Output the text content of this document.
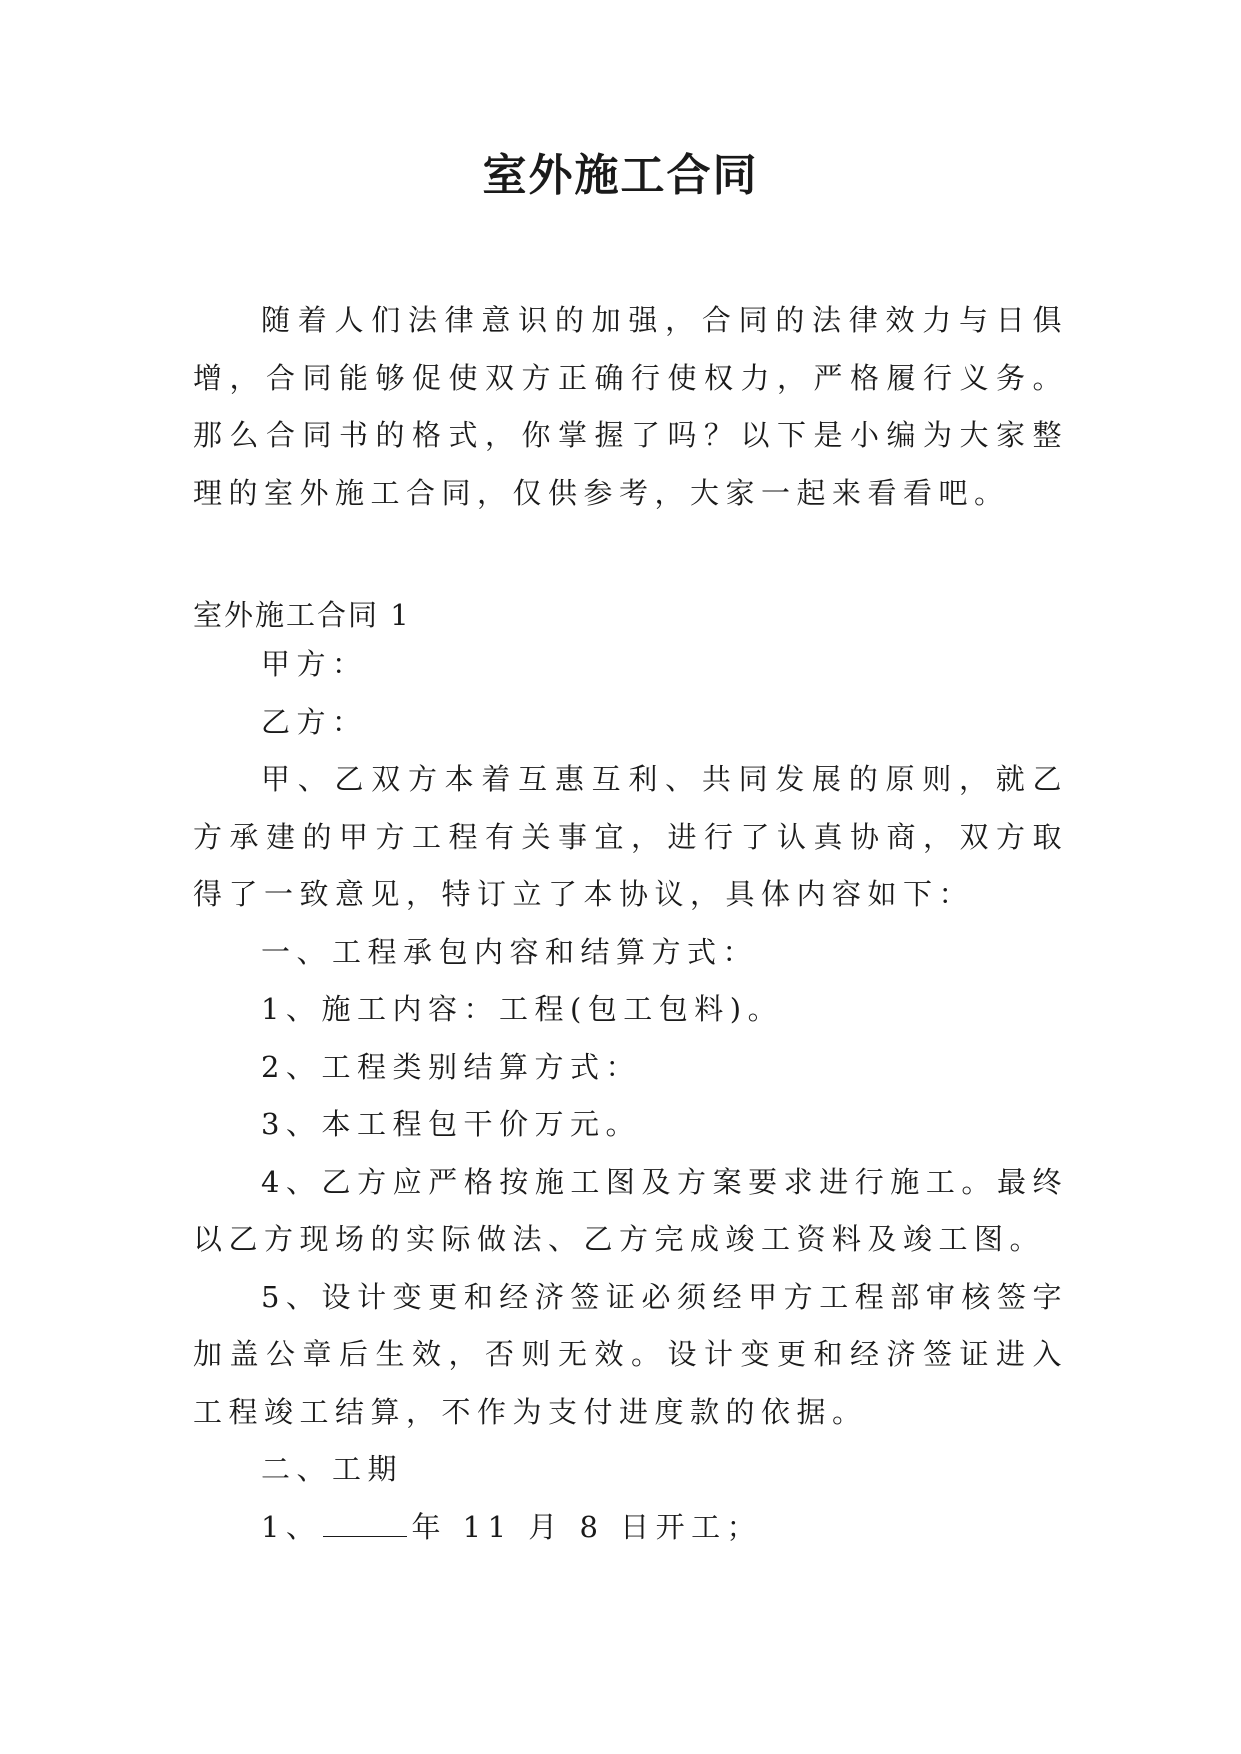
室外施工合同
随着人们法律意识的加强，合同的法律效力与日俱增，合同能够促使双方正确行使权力，严格履行义务。那么合同书的格式，你掌握了吗？以下是小编为大家整理的室外施工合同，仅供参考，大家一起来看看吧。
室外施工合同 1

甲方：

乙方：

甲、乙双方本着互惠互利、共同发展的原则，就乙方承建的甲方工程有关事宜，进行了认真协商，双方取得了一致意见，特订立了本协议，具体内容如下：

一、工程承包内容和结算方式：

1、施工内容：工程(包工包料)。

2、工程类别结算方式：

3、本工程包干价万元。

4、乙方应严格按施工图及方案要求进行施工。最终以乙方现场的实际做法、乙方完成竣工资料及竣工图。

5、设计变更和经济签证必须经甲方工程部审核签字加盖公章后生效，否则无效。设计变更和经济签证进入工程竣工结算，不作为支付进度款的依据。

二、工期

1、	年 11 月 8 日开工；
